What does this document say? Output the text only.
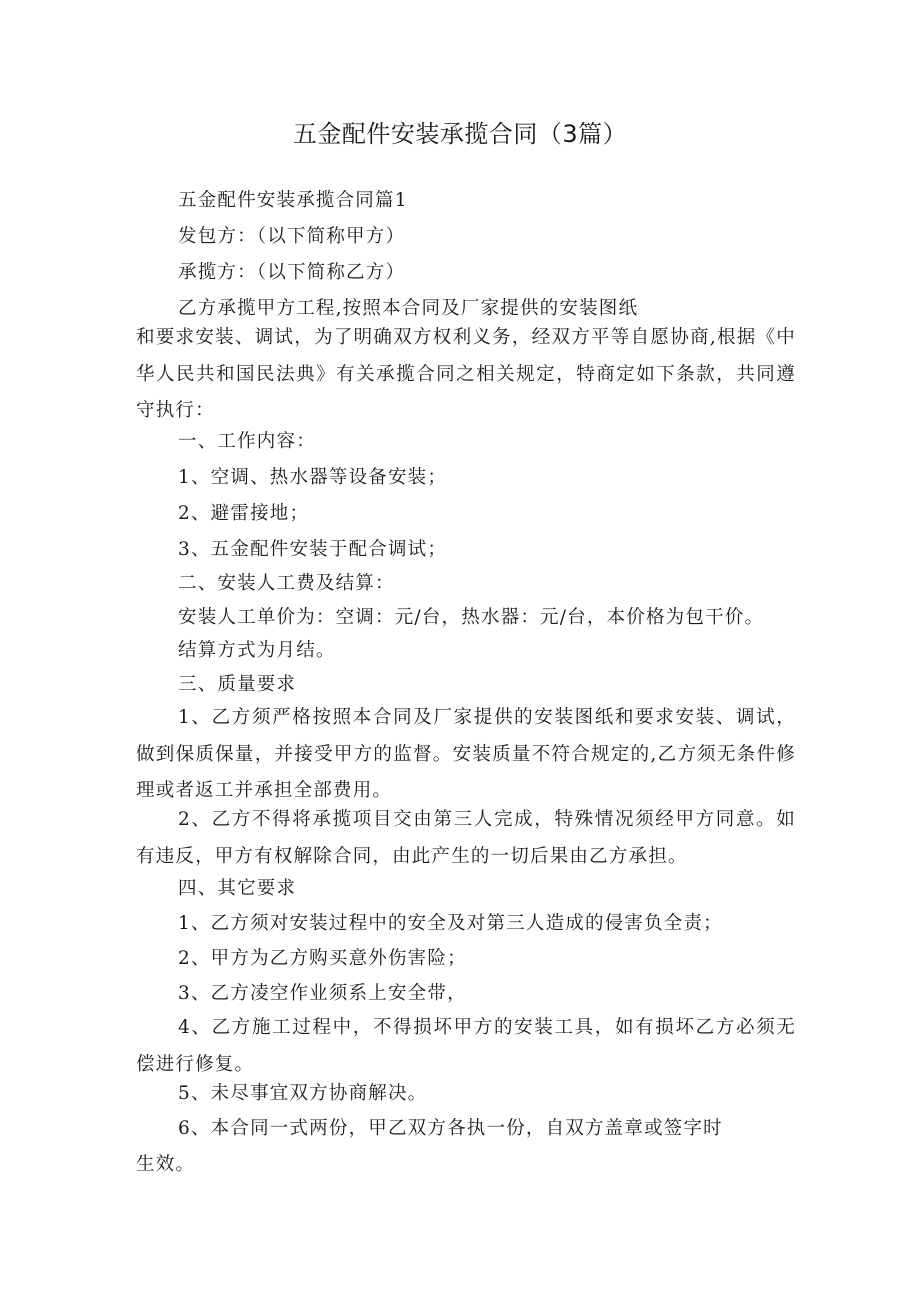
五金配件安装承揽合同（3篇）
五金配件安装承揽合同篇1
发包方：（以下简称甲方）
承揽方：（以下简称乙方）
乙方承揽甲方工程,按照本合同及厂家提供的安装图纸
和要求安装、调试，为了明确双方权利义务，经双方平等自愿协商,根据《中华人民共和国民法典》有关承揽合同之相关规定，特商定如下条款，共同遵守执行：
一、工作内容：
1、空调、热水器等设备安装；
2、避雷接地；
3、五金配件安装于配合调试；
二、安装人工费及结算：
安装人工单价为：空调：元/台，热水器：元/台，本价格为包干价。
结算方式为月结。
三、质量要求
1、乙方须严格按照本合同及厂家提供的安装图纸和要求安装、调试，做到保质保量，并接受甲方的监督。安装质量不符合规定的,乙方须无条件修理或者返工并承担全部费用。
2、乙方不得将承揽项目交由第三人完成，特殊情况须经甲方同意。如有违反，甲方有权解除合同，由此产生的一切后果由乙方承担。
四、其它要求
1、乙方须对安装过程中的安全及对第三人造成的侵害负全责；
2、甲方为乙方购买意外伤害险；
3、乙方凌空作业须系上安全带，
4、乙方施工过程中，不得损坏甲方的安装工具，如有损坏乙方必须无偿进行修复。
5、未尽事宜双方协商解决。
6、本合同一式两份，甲乙双方各执一份，自双方盖章或签字时
生效。
